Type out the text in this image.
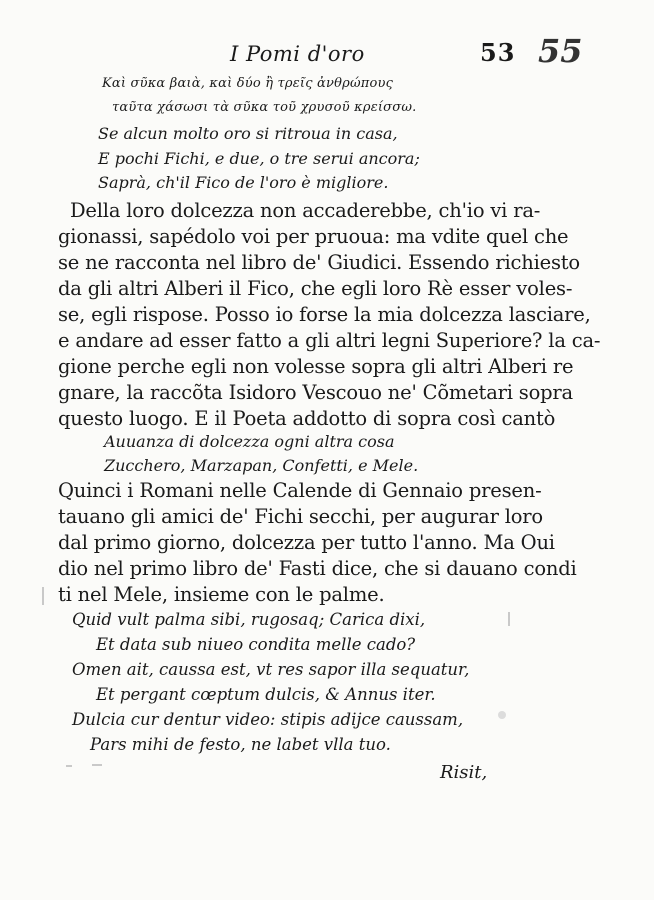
I Pomi d'oro	53 55
Καὶ σῦκα βαιὰ, καὶ δύο ἢ τρεῖς ἀνθρώπους
ταῦτα χάσωσι τὰ σῦκα τοῦ χρυσοῦ κρείσσω.
Se alcun molto oro si ritroua in casa,
E pochi Fichi, e due, o tre serui ancora;
Saprà, ch'il Fico de l'oro è migliore.
Della loro dolcezza non accaderebbe, ch'io vi ra-
gionassi, sapédolo voi per pruoua: ma vdite quel che
se ne racconta nel libro de' Giudici. Essendo richiesto
da gli altri Alberi il Fico, che egli loro Rè esser voles-
se, egli rispose. Posso io forse la mia dolcezza lasciare,
e andare ad esser fatto a gli altri legni Superiore? la ca-
gione perche egli non volesse sopra gli altri Alberi re
gnare, la raccõta Isidoro Vescouo ne' Cõmetari sopra
questo luogo. E il Poeta addotto di sopra così cantò
Auuanza di dolcezza ogni altra cosa
Zucchero, Marzapan, Confetti, e Mele.
Quinci i Romani nelle Calende di Gennaio presen-
tauano gli amici de' Fichi secchi, per augurar loro
dal primo giorno, dolcezza per tutto l'anno. Ma Oui
dio nel primo libro de' Fasti dice, che si dauano condi
ti nel Mele, insieme con le palme.
Quid vult palma sibi, rugosaq; Carica dixi,
Et data sub niueo condita melle cado?
Omen ait, caussa est, vt res sapor illa sequatur,
Et pergant cœptum dulcis, & Annus iter.
Dulcia cur dentur video: stipis adijce caussam,
Pars mihi de festo, ne labet vlla tuo.
Risit,
